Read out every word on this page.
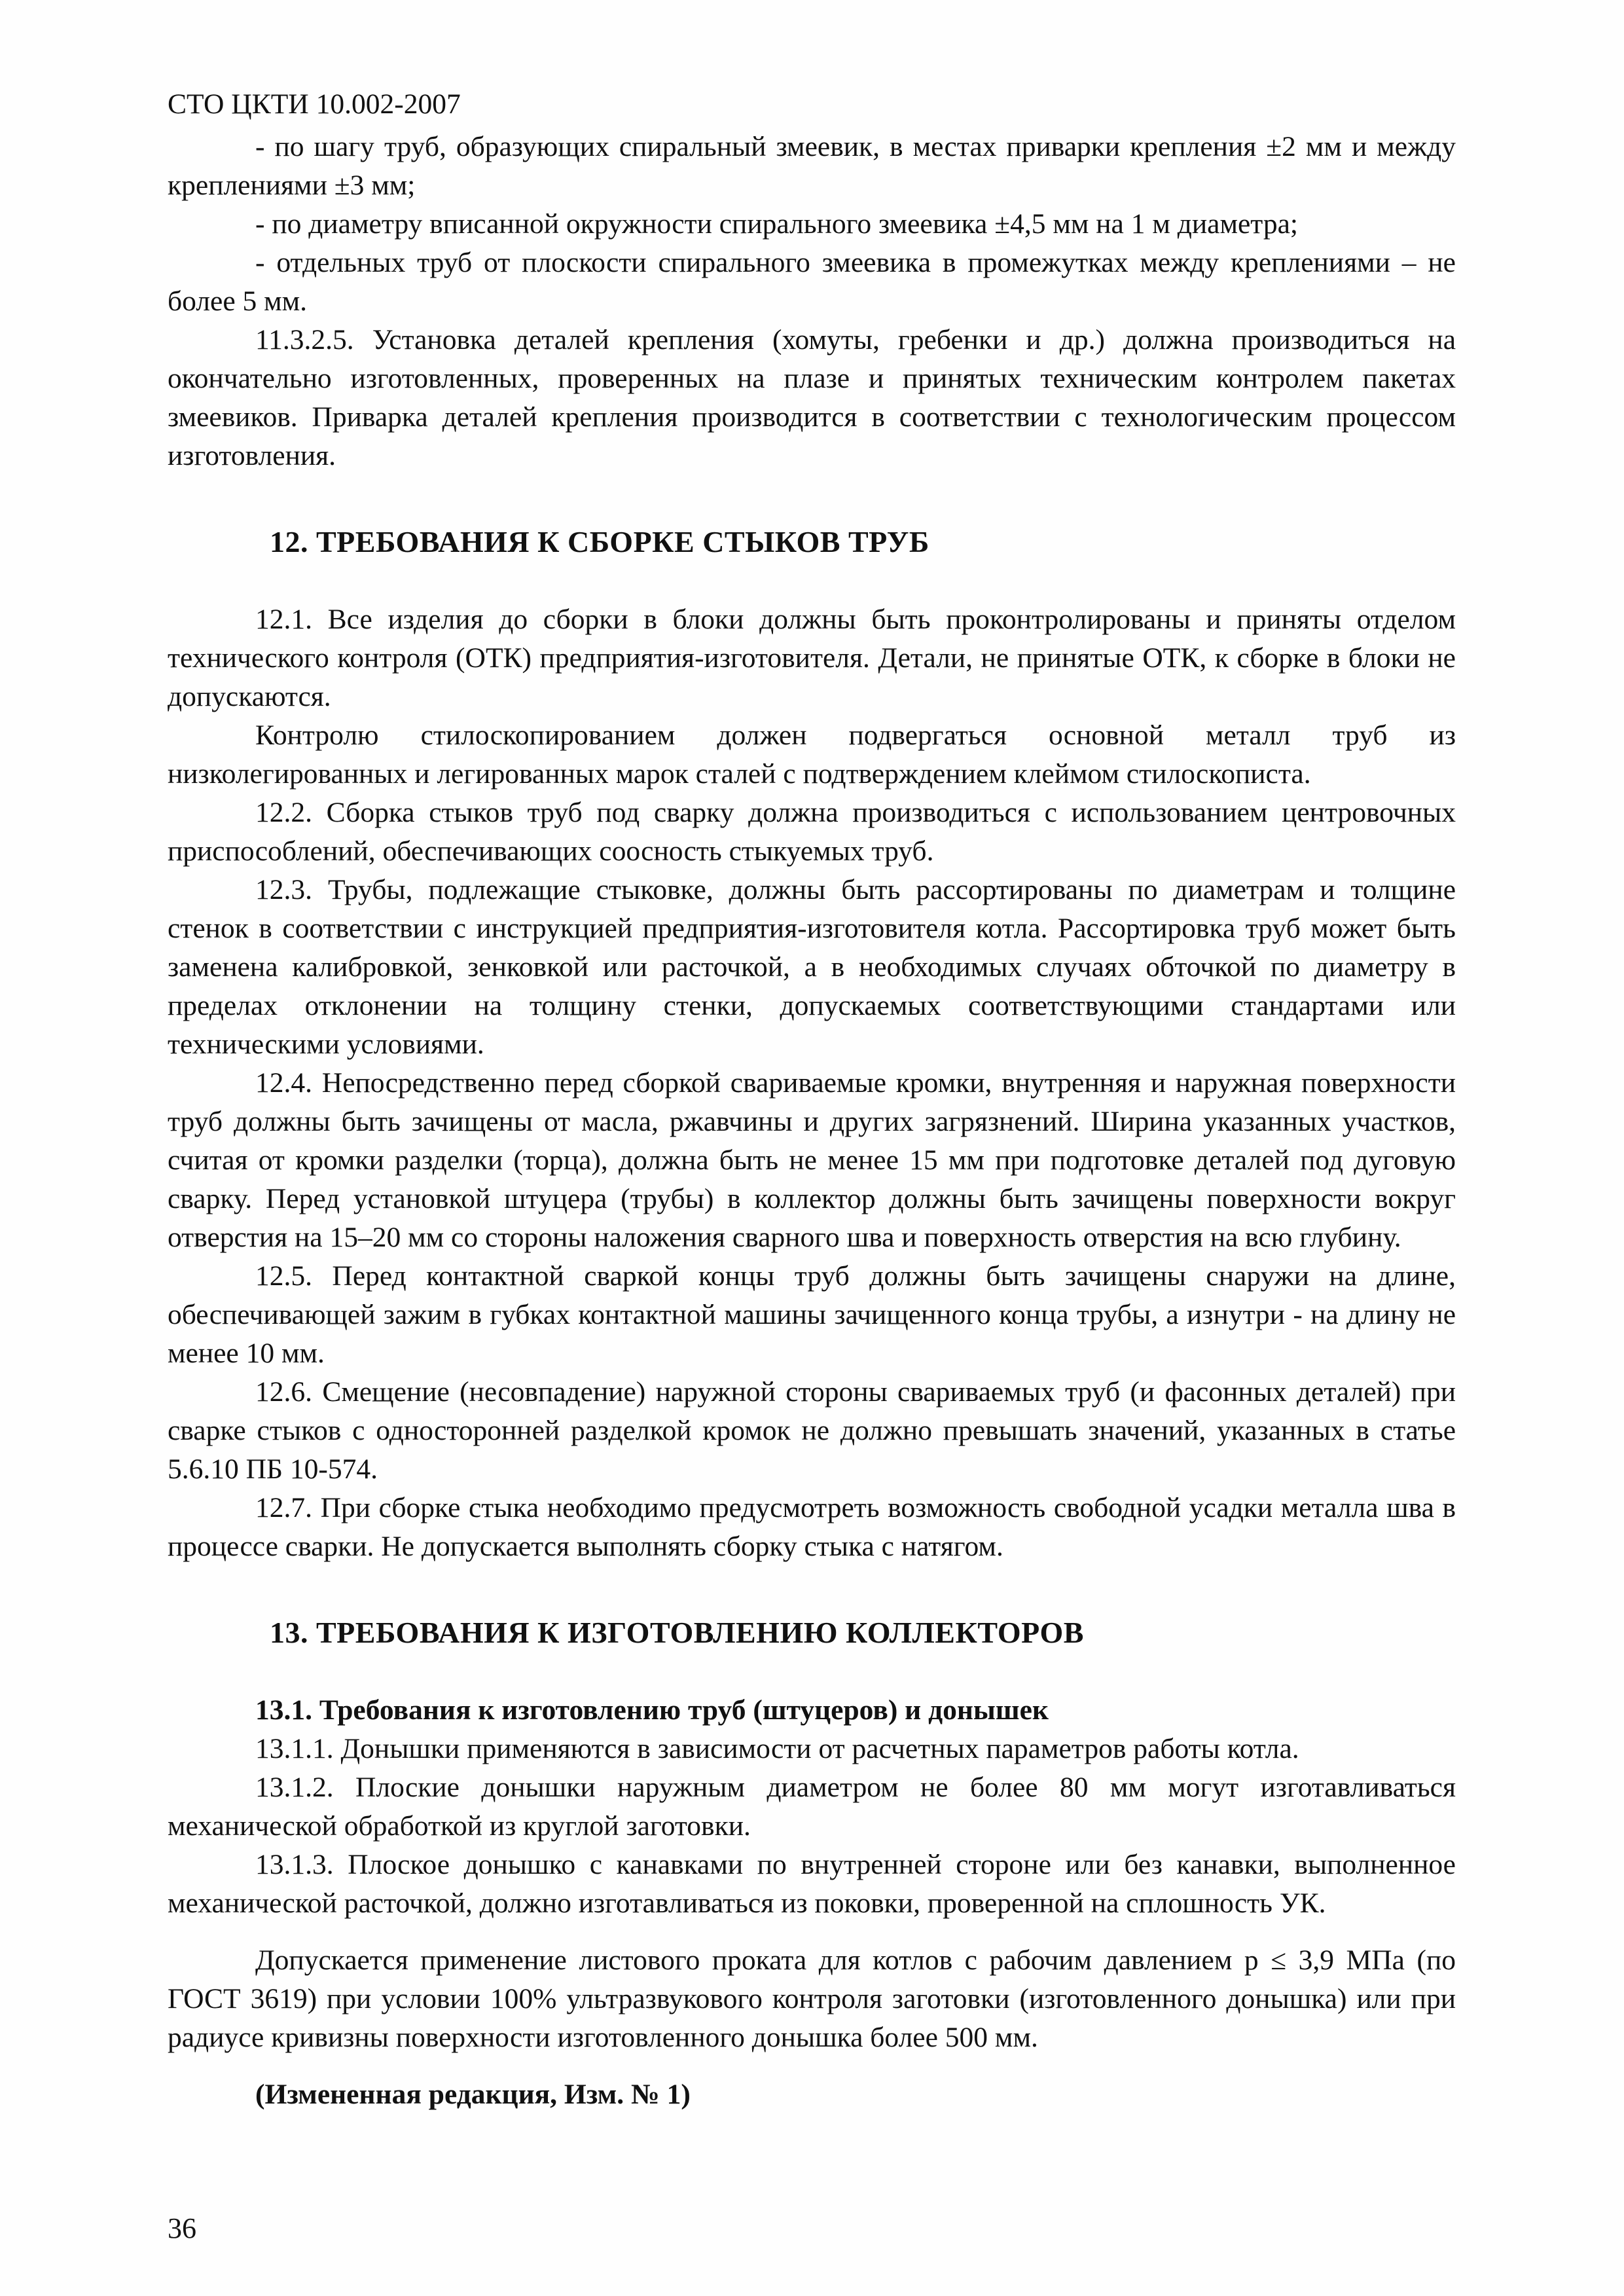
СТО ЦКТИ 10.002-2007

- по шагу труб, образующих спиральный змеевик, в местах приварки крепления ±2 мм и между креплениями ±3 мм;

- по диаметру вписанной окружности спирального змеевика ±4,5 мм на 1 м диаметра;

- отдельных труб от плоскости спирального змеевика в промежутках между креплениями – не более 5 мм.

11.3.2.5. Установка деталей крепления (хомуты, гребенки и др.) должна производиться на окончательно изготовленных, проверенных на плазе и принятых техническим контролем пакетах змеевиков. Приварка деталей крепления производится в соответствии с технологическим процессом изготовления.

12. ТРЕБОВАНИЯ К СБОРКЕ СТЫКОВ ТРУБ

12.1. Все изделия до сборки в блоки должны быть проконтролированы и приняты отделом технического контроля (ОТК) предприятия-изготовителя. Детали, не принятые ОТК, к сборке в блоки не допускаются.

Контролю стилоскопированием должен подвергаться основной металл труб из низколегированных и легированных марок сталей с подтверждением клеймом стилоскописта.

12.2. Сборка стыков труб под сварку должна производиться с использованием центровочных приспособлений, обеспечивающих соосность стыкуемых труб.

12.3. Трубы, подлежащие стыковке, должны быть рассортированы по диаметрам и толщине стенок в соответствии с инструкцией предприятия-изготовителя котла. Рассортировка труб может быть заменена калибровкой, зенковкой или расточкой, а в необходимых случаях обточкой по диаметру в пределах отклонении на толщину стенки, допускаемых соответствующими стандартами или техническими условиями.

12.4. Непосредственно перед сборкой свариваемые кромки, внутренняя и наружная поверхности труб должны быть зачищены от масла, ржавчины и других загрязнений. Ширина указанных участков, считая от кромки разделки (торца), должна быть не менее 15 мм при подготовке деталей под дуговую сварку. Перед установкой штуцера (трубы) в коллектор должны быть зачищены поверхности вокруг отверстия на 15–20 мм со стороны наложения сварного шва и поверхность отверстия на всю глубину.

12.5. Перед контактной сваркой концы труб должны быть зачищены снаружи на длине, обеспечивающей зажим в губках контактной машины зачищенного конца трубы, а изнутри - на длину не менее 10 мм.

12.6. Смещение (несовпадение) наружной стороны свариваемых труб (и фасонных деталей) при сварке стыков с односторонней разделкой кромок не должно превышать значений, указанных в статье 5.6.10 ПБ 10-574.

12.7. При сборке стыка необходимо предусмотреть возможность свободной усадки металла шва в процессе сварки. Не допускается выполнять сборку стыка с натягом.

13. ТРЕБОВАНИЯ К ИЗГОТОВЛЕНИЮ КОЛЛЕКТОРОВ

13.1. Требования к изготовлению труб (штуцеров) и донышек

13.1.1. Донышки применяются в зависимости от расчетных параметров работы котла.

13.1.2. Плоские донышки наружным диаметром не более 80 мм могут изготавливаться механической обработкой из круглой заготовки.

13.1.3. Плоское донышко с канавками по внутренней стороне или без канавки, выполненное механической расточкой, должно изготавливаться из поковки, проверенной на сплошность УК.

Допускается применение листового проката для котлов с рабочим давлением p ≤ 3,9 МПа (по ГОСТ 3619) при условии 100% ультразвукового контроля заготовки (изготовленного донышка) или при радиусе кривизны поверхности изготовленного донышка более 500 мм.

(Измененная редакция, Изм. № 1)

36
